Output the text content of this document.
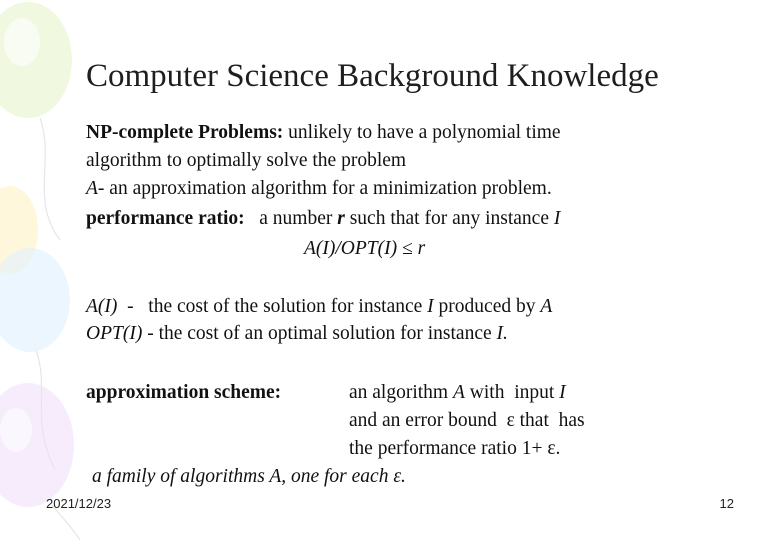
Computer Science Background Knowledge
NP-complete Problems: unlikely to have a polynomial time
algorithm to optimally solve the problem
A- an approximation algorithm for a minimization problem.
performance ratio:   a number r such that for any instance I
A(I)/OPT(I) ≤ r
A(I)  -   the cost of the solution for instance I produced by A
OPT(I) - the cost of an optimal solution for instance I.
approximation scheme:	an algorithm A with  input I
and an error bound  ε that  has
the performance ratio 1+ ε.
a family of algorithms A, one for each ε.
2021/12/23	12
